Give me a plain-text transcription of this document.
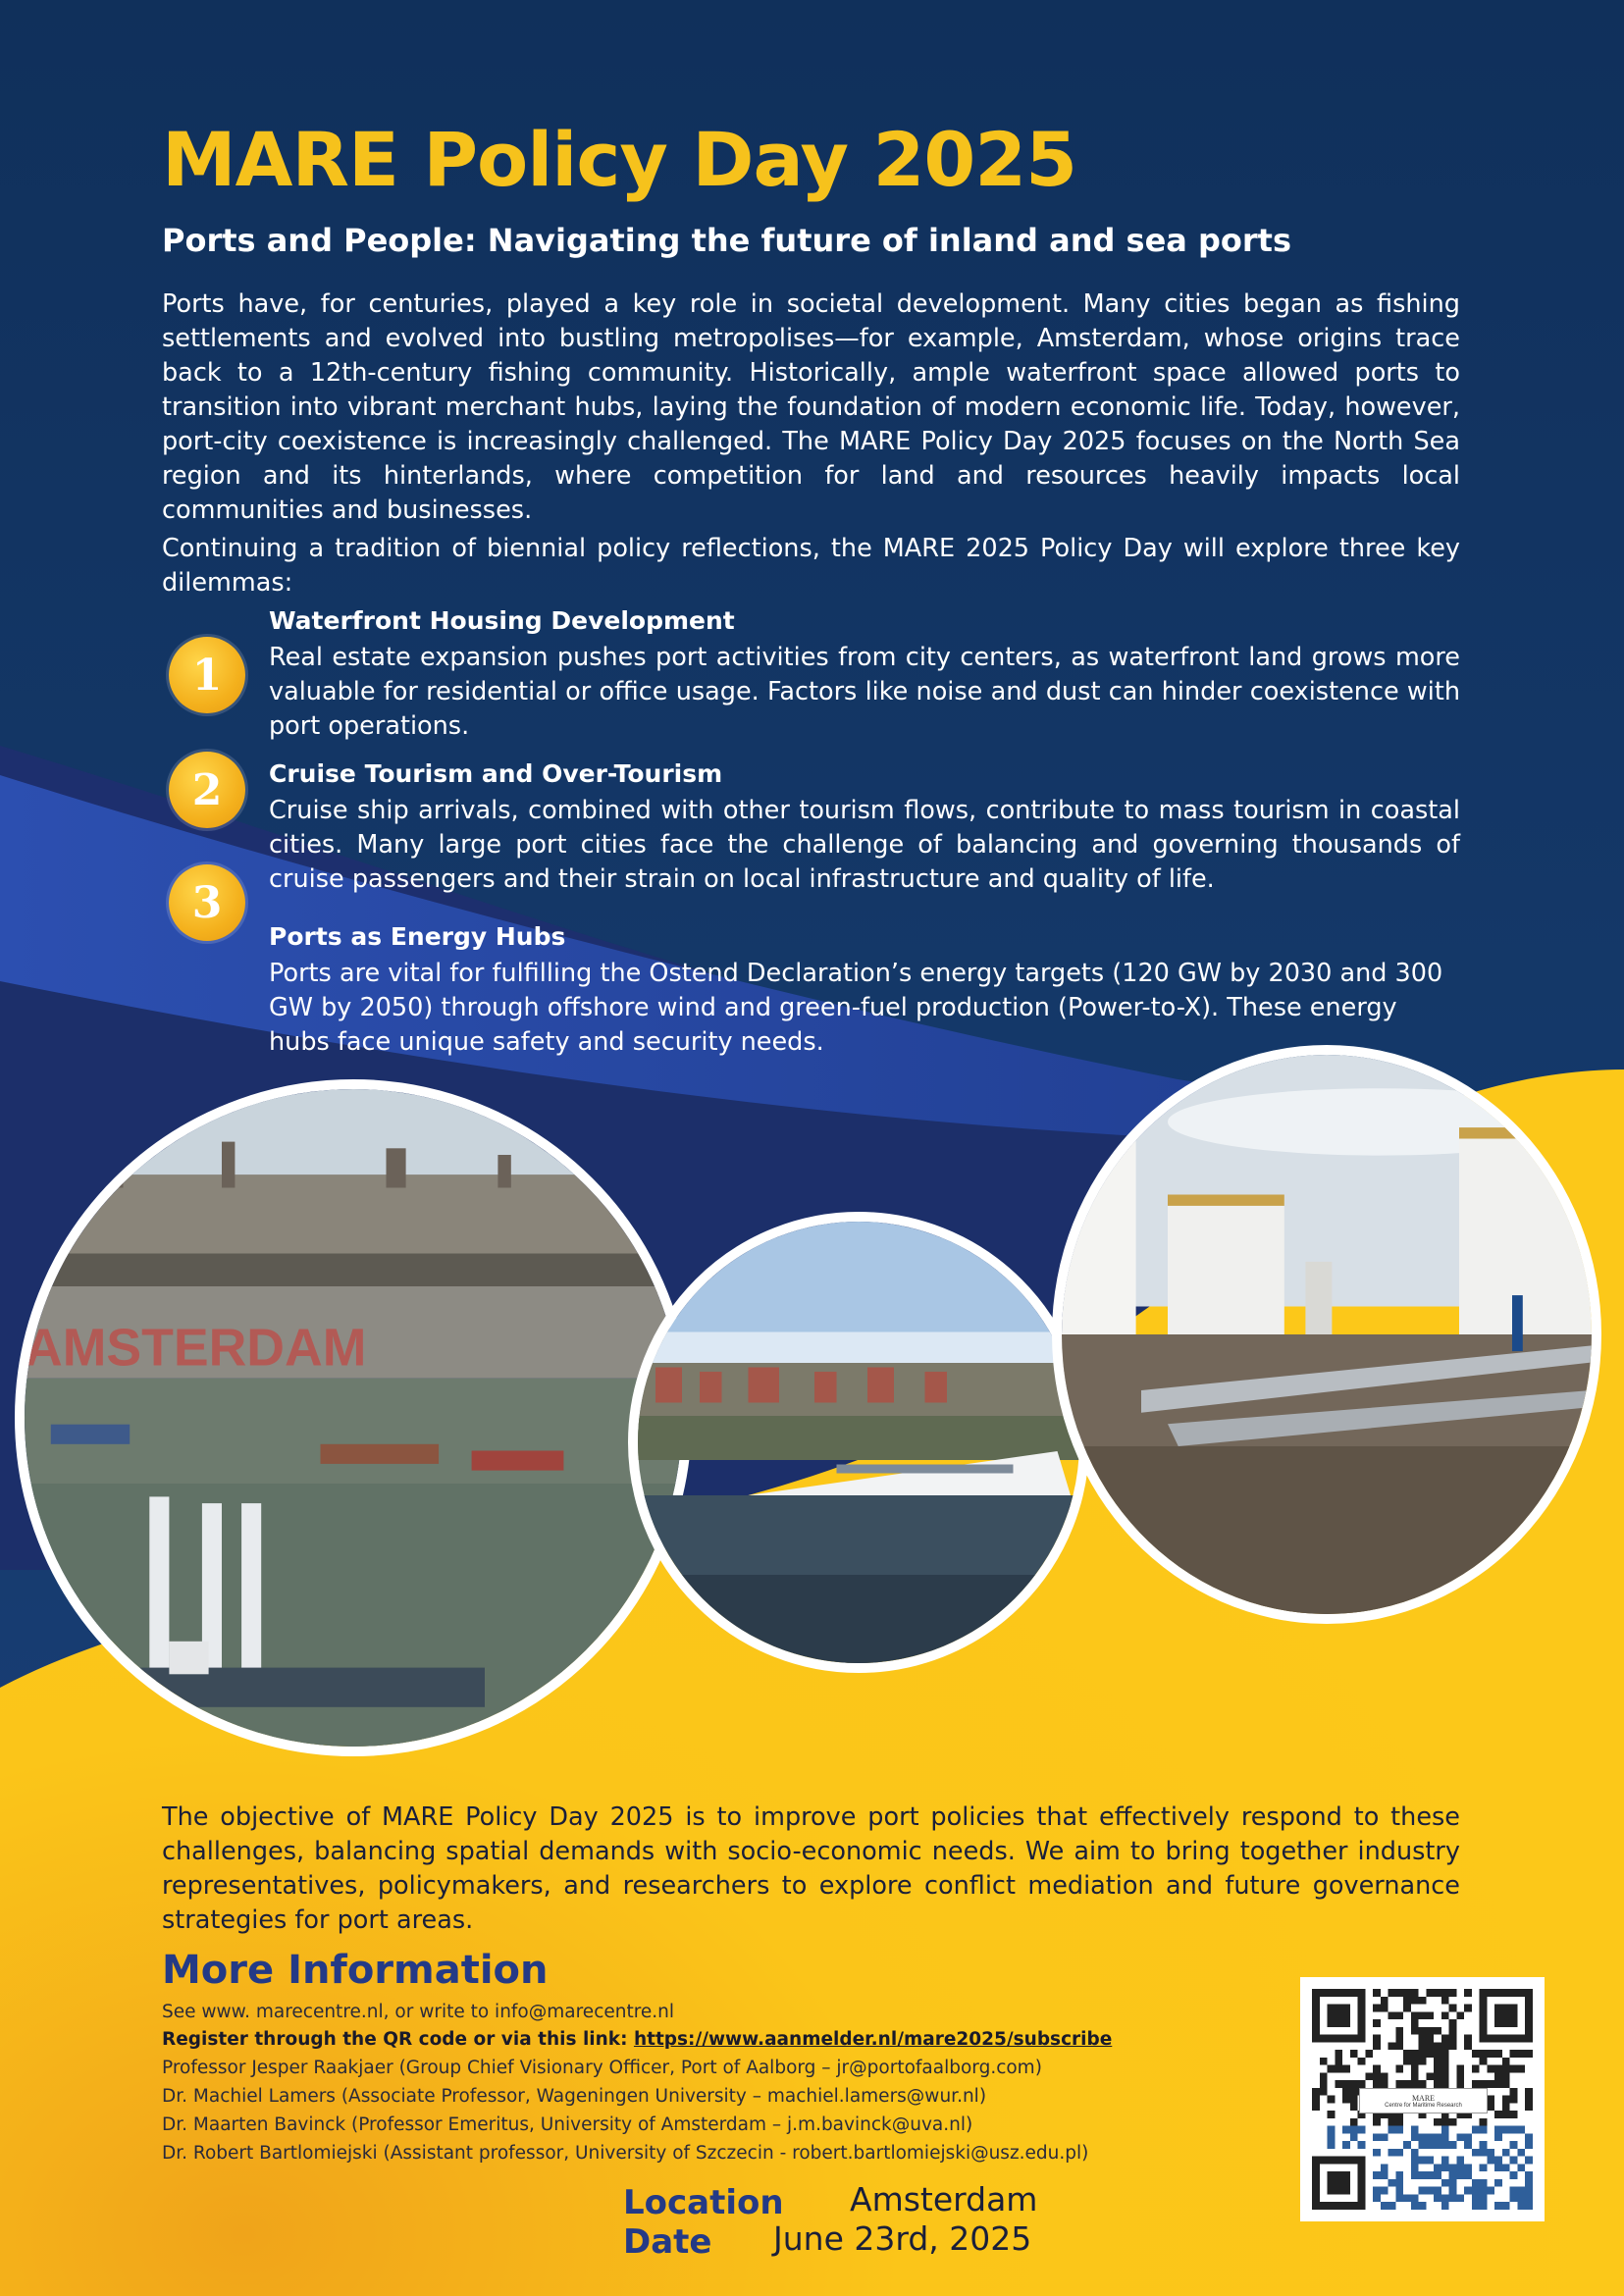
MARE Policy Day 2025
Ports and People: Navigating the future of inland and sea ports
Ports have, for centuries, played a key role in societal development. Many cities began as fishing settlements and evolved into bustling metropolises—for example, Amsterdam, whose origins trace back to a 12th-century fishing community. Historically, ample waterfront space allowed ports to transition into vibrant merchant hubs, laying the foundation of modern economic life. Today, however, port-city coexistence is increasingly challenged. The MARE Policy Day 2025 focuses on the North Sea region and its hinterlands, where competition for land and resources heavily impacts local communities and businesses.
Continuing a tradition of biennial policy reflections, the MARE 2025 Policy Day will explore three key dilemmas:
1
Waterfront Housing Development
Real estate expansion pushes port activities from city centers, as waterfront land grows more valuable for residential or office usage. Factors like noise and dust can hinder coexistence with port operations.
2	Cruise Tourism and Over-Tourism
Cruise ship arrivals, combined with other tourism flows, contribute to mass tourism in coastal cities. Many large port cities face the challenge of balancing and governing thousands of cruise passengers and their strain on local infrastructure and quality of life.
3
Ports as Energy Hubs
Ports are vital for fulfilling the Ostend Declaration’s energy targets (120 GW by 2030 and 300 GW by 2050) through offshore wind and green-fuel production (Power-to-X). These energy hubs face unique safety and security needs.
AMSTERDAM
The objective of MARE Policy Day 2025 is to improve port policies that effectively respond to these challenges, balancing spatial demands with socio-economic needs. We aim to bring together industry representatives, policymakers, and researchers to explore conflict mediation and future governance strategies for port areas.
More Information
See www. marecentre.nl, or write to info@marecentre.nl
Register through the QR code or via this link: https://www.aanmelder.nl/mare2025/subscribe
Professor Jesper Raakjaer (Group Chief Visionary Officer, Port of Aalborg – jr@portofaalborg.com)
Dr. Machiel Lamers (Associate Professor, Wageningen University – machiel.lamers@wur.nl)
Dr. Maarten Bavinck (Professor Emeritus, University of Amsterdam – j.m.bavinck@uva.nl)
Dr. Robert Bartlomiejski (Assistant professor, University of Szczecin - robert.bartlomiejski@usz.edu.pl)
Location Amsterdam
Date June 23rd, 2025
MARE
Centre for Maritime Research
